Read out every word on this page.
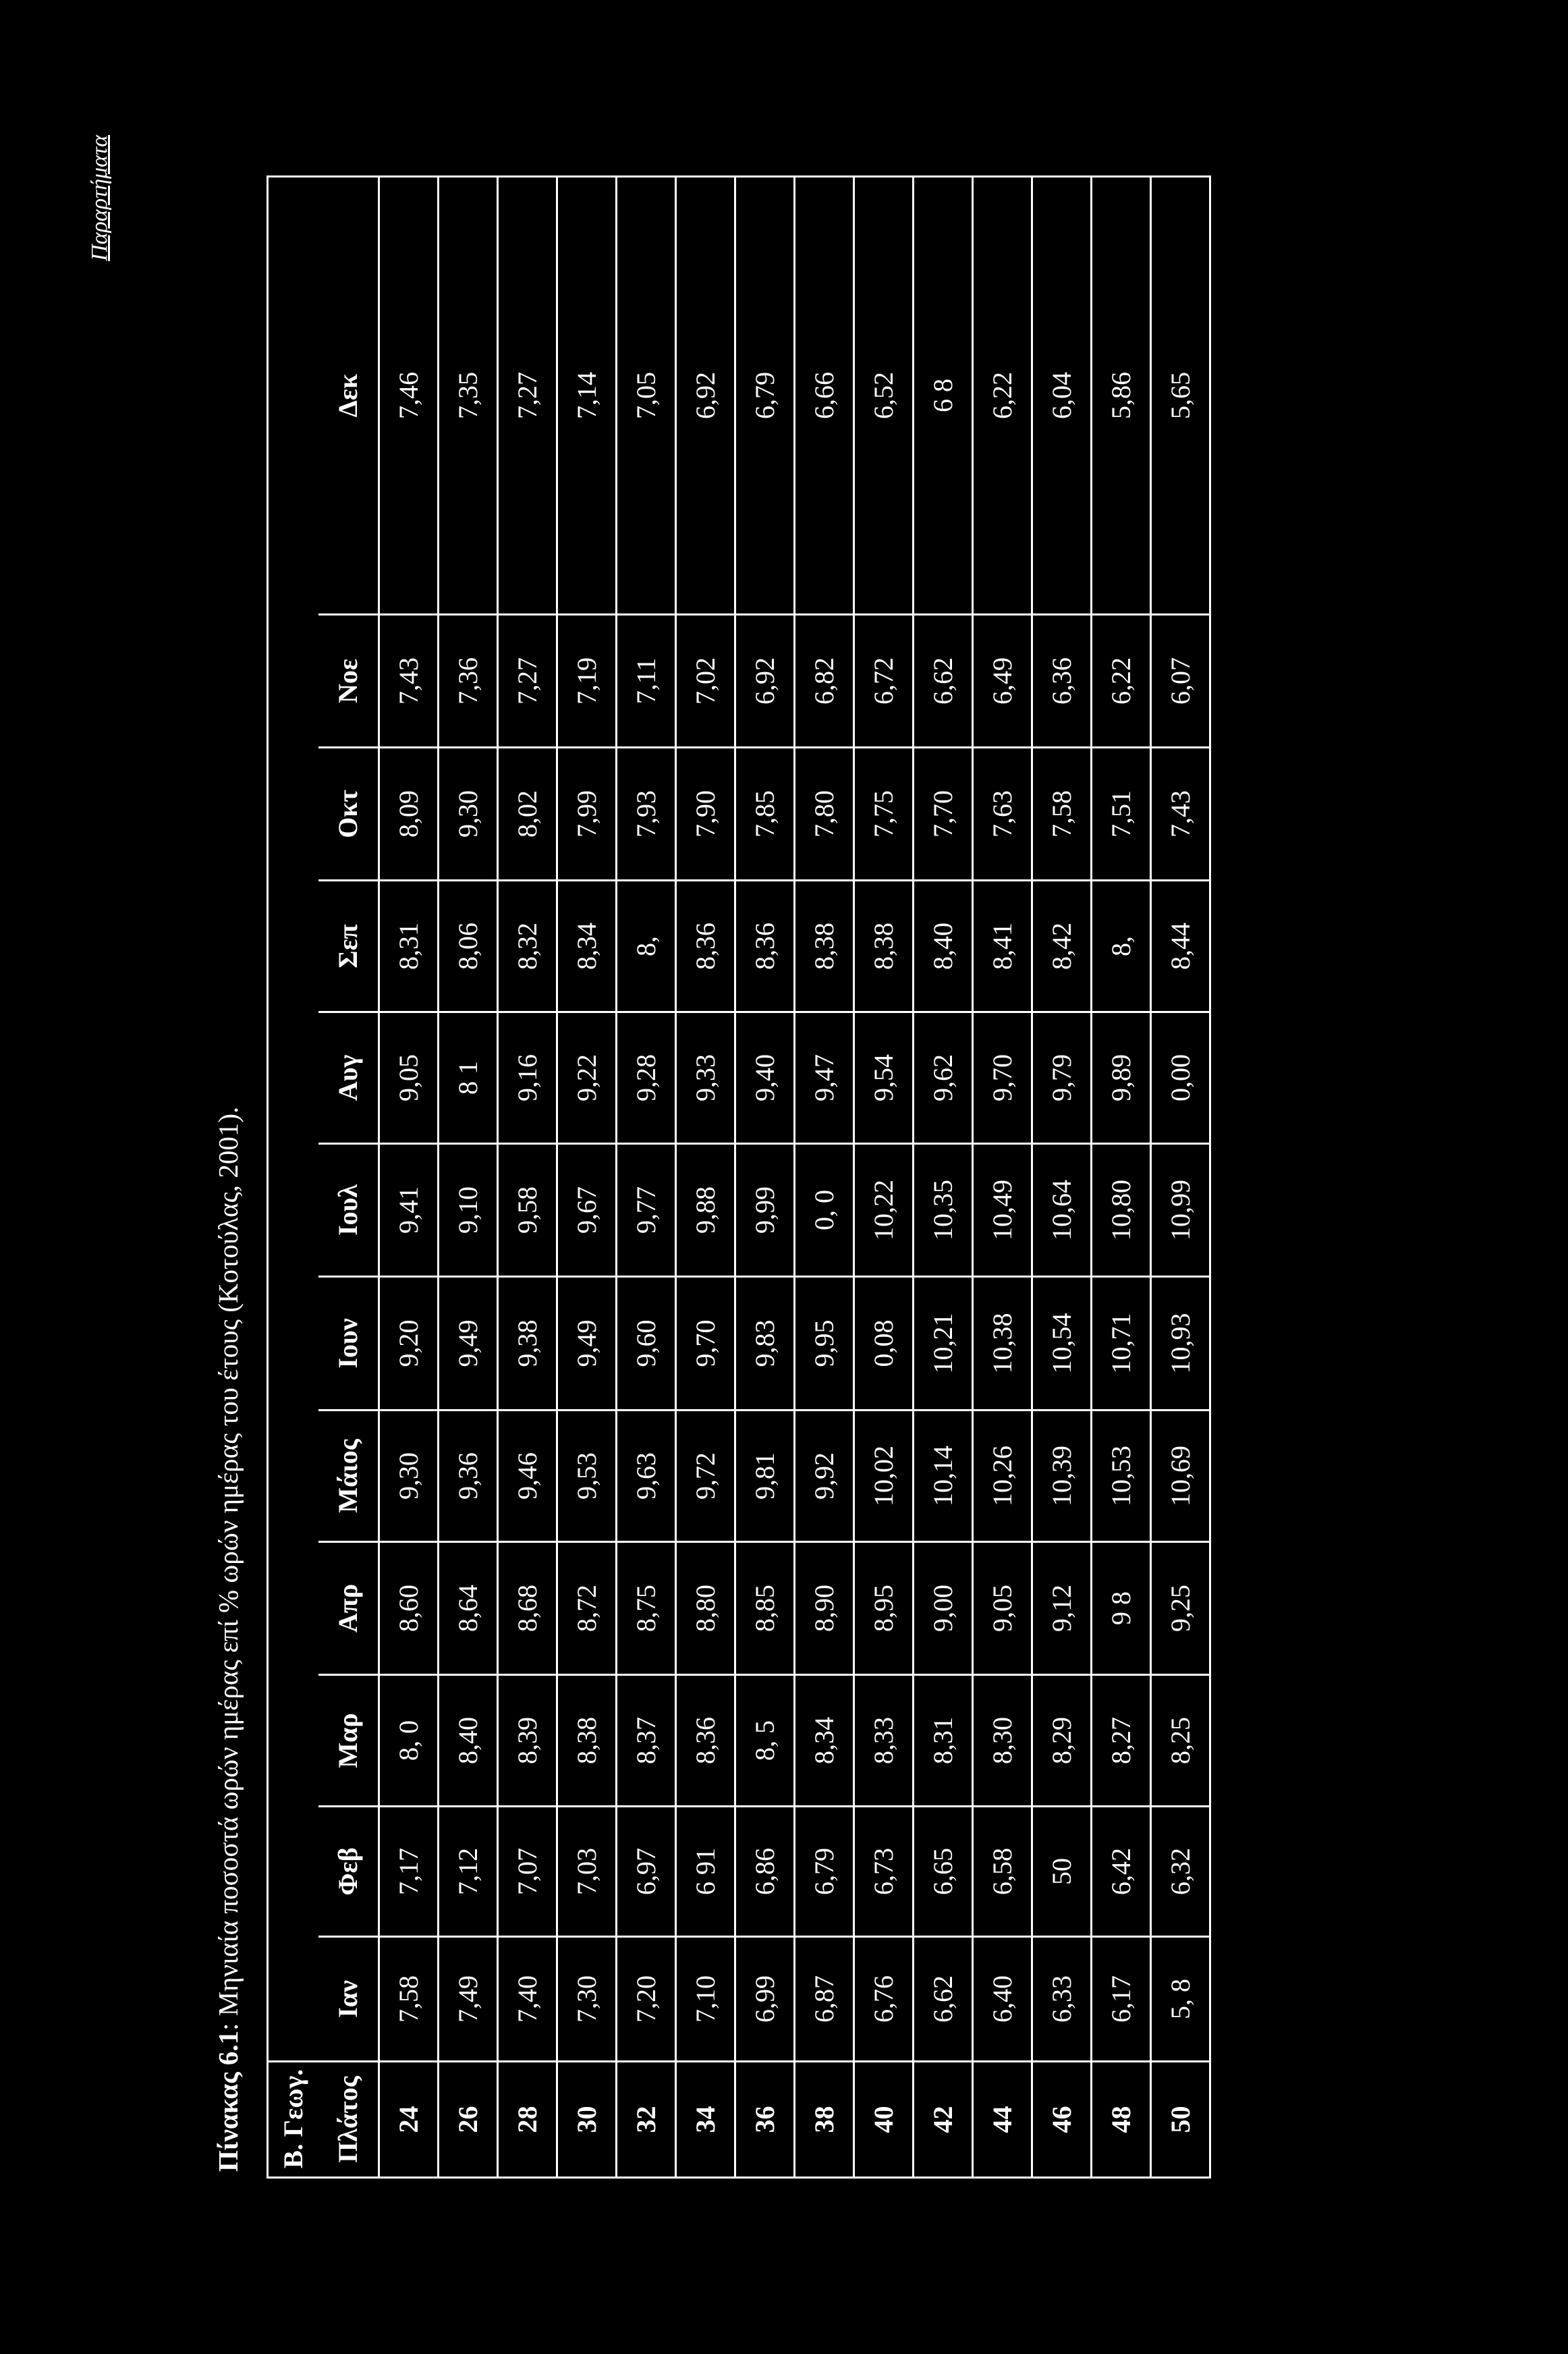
Παραρτήματα
Πίνακας 6.1: Μηνιαία ποσοστά ωρών ημέρας επί % ωρών ημέρας του έτους (Κοτούλας, 2001).
Β. Γεωγ.												
Πλάτος	Ιαν	Φεβ	Μαρ	Απρ	Μάιος	Ιουν	Ιουλ	Αυγ	Σεπ	Οκτ	Νοε	Δεκ
24	7,58	7,17	8, 0	8,60	9,30	9,20	9,41	9,05	8,31	8,09	7,43	7,46
26	7,49	7,12	8,40	8,64	9,36	9,49	9,10	8 1	8,06	9,30	7,36	7,35
28	7,40	7,07	8,39	8,68	9,46	9,38	9,58	9,16	8,32	8,02	7,27	7,27
30	7,30	7,03	8,38	8,72	9,53	9,49	9,67	9,22	8,34	7,99	7,19	7,14
32	7,20	6,97	8,37	8,75	9,63	9,60	9,77	9,28	8,	7,93	7,11	7,05
34	7,10	6 91	8,36	8,80	9,72	9,70	9,88	9,33	8,36	7,90	7,02	6,92
36	6,99	6,86	8, 5	8,85	9,81	9,83	9,99	9,40	8,36	7,85	6,92	6,79
38	6,87	6,79	8,34	8,90	9,92	9,95	0, 0	9,47	8,38	7,80	6,82	6,66
40	6,76	6,73	8,33	8,95	10,02	0,08	10,22	9,54	8,38	7,75	6,72	6,52
42	6,62	6,65	8,31	9,00	10,14	10,21	10,35	9,62	8,40	7,70	6,62	6 8
44	6,40	6,58	8,30	9,05	10,26	10,38	10,49	9,70	8,41	7,63	6,49	6,22
46	6,33	50	8,29	9,12	10,39	10,54	10,64	9,79	8,42	7,58	6,36	6,04
48	6,17	6,42	8,27	9 8	10,53	10,71	10,80	9,89	8,	7,51	6,22	5,86
50	5, 8	6,32	8,25	9,25	10,69	10,93	10,99	0,00	8,44	7,43	6,07	5,65
